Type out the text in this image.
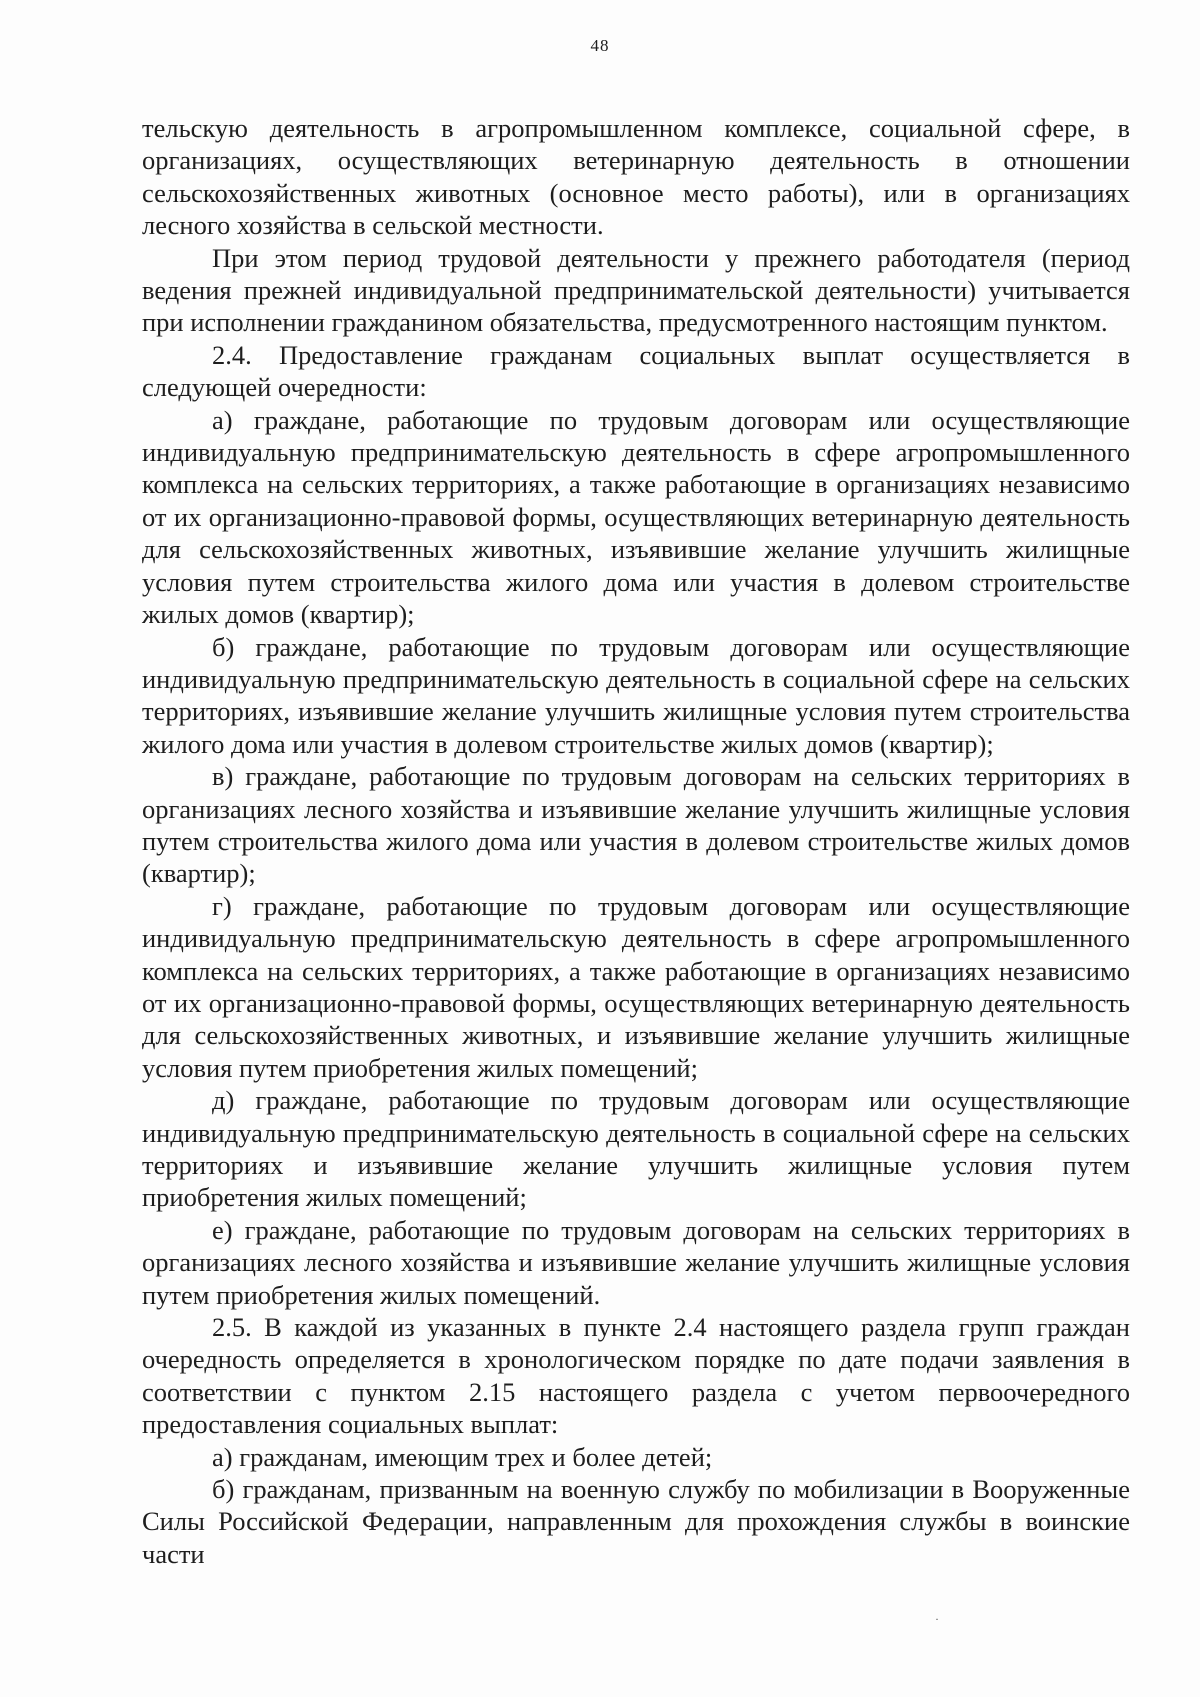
48

тельскую деятельность в агропромышленном комплексе, социальной сфере, в организациях, осуществляющих ветеринарную деятельность в отношении сельскохозяйственных животных (основное место работы), или в организациях лесного хозяйства в сельской местности.

При этом период трудовой деятельности у прежнего работодателя (период ведения прежней индивидуальной предпринимательской деятельности) учитывается при исполнении гражданином обязательства, предусмотренного настоящим пунктом.

2.4. Предоставление гражданам социальных выплат осуществляется в следующей очередности:

а) граждане, работающие по трудовым договорам или осуществляющие индивидуальную предпринимательскую деятельность в сфере агропромышленного комплекса на сельских территориях, а также работающие в организациях независимо от их организационно-правовой формы, осуществляющих ветеринарную деятельность для сельскохозяйственных животных, изъявившие желание улучшить жилищные условия путем строительства жилого дома или участия в долевом строительстве жилых домов (квартир);

б) граждане, работающие по трудовым договорам или осуществляющие индивидуальную предпринимательскую деятельность в социальной сфере на сельских территориях, изъявившие желание улучшить жилищные условия путем строительства жилого дома или участия в долевом строительстве жилых домов (квартир);

в) граждане, работающие по трудовым договорам на сельских территориях в организациях лесного хозяйства и изъявившие желание улучшить жилищные условия путем строительства жилого дома или участия в долевом строительстве жилых домов (квартир);

г) граждане, работающие по трудовым договорам или осуществляющие индивидуальную предпринимательскую деятельность в сфере агропромышленного комплекса на сельских территориях, а также работающие в организациях независимо от их организационно-правовой формы, осуществляющих ветеринарную деятельность для сельскохозяйственных животных, и изъявившие желание улучшить жилищные условия путем приобретения жилых помещений;

д) граждане, работающие по трудовым договорам или осуществляющие индивидуальную предпринимательскую деятельность в социальной сфере на сельских территориях и изъявившие желание улучшить жилищные условия путем приобретения жилых помещений;

е) граждане, работающие по трудовым договорам на сельских территориях в организациях лесного хозяйства и изъявившие желание улучшить жилищные условия путем приобретения жилых помещений.

2.5. В каждой из указанных в пункте 2.4 настоящего раздела групп граждан очередность определяется в хронологическом порядке по дате подачи заявления в соответствии с пунктом 2.15 настоящего раздела с учетом первоочередного предоставления социальных выплат:

а) гражданам, имеющим трех и более детей;

б) гражданам, призванным на военную службу по мобилизации в Вооруженные Силы Российской Федерации, направленным для прохождения службы в воинские части

·
